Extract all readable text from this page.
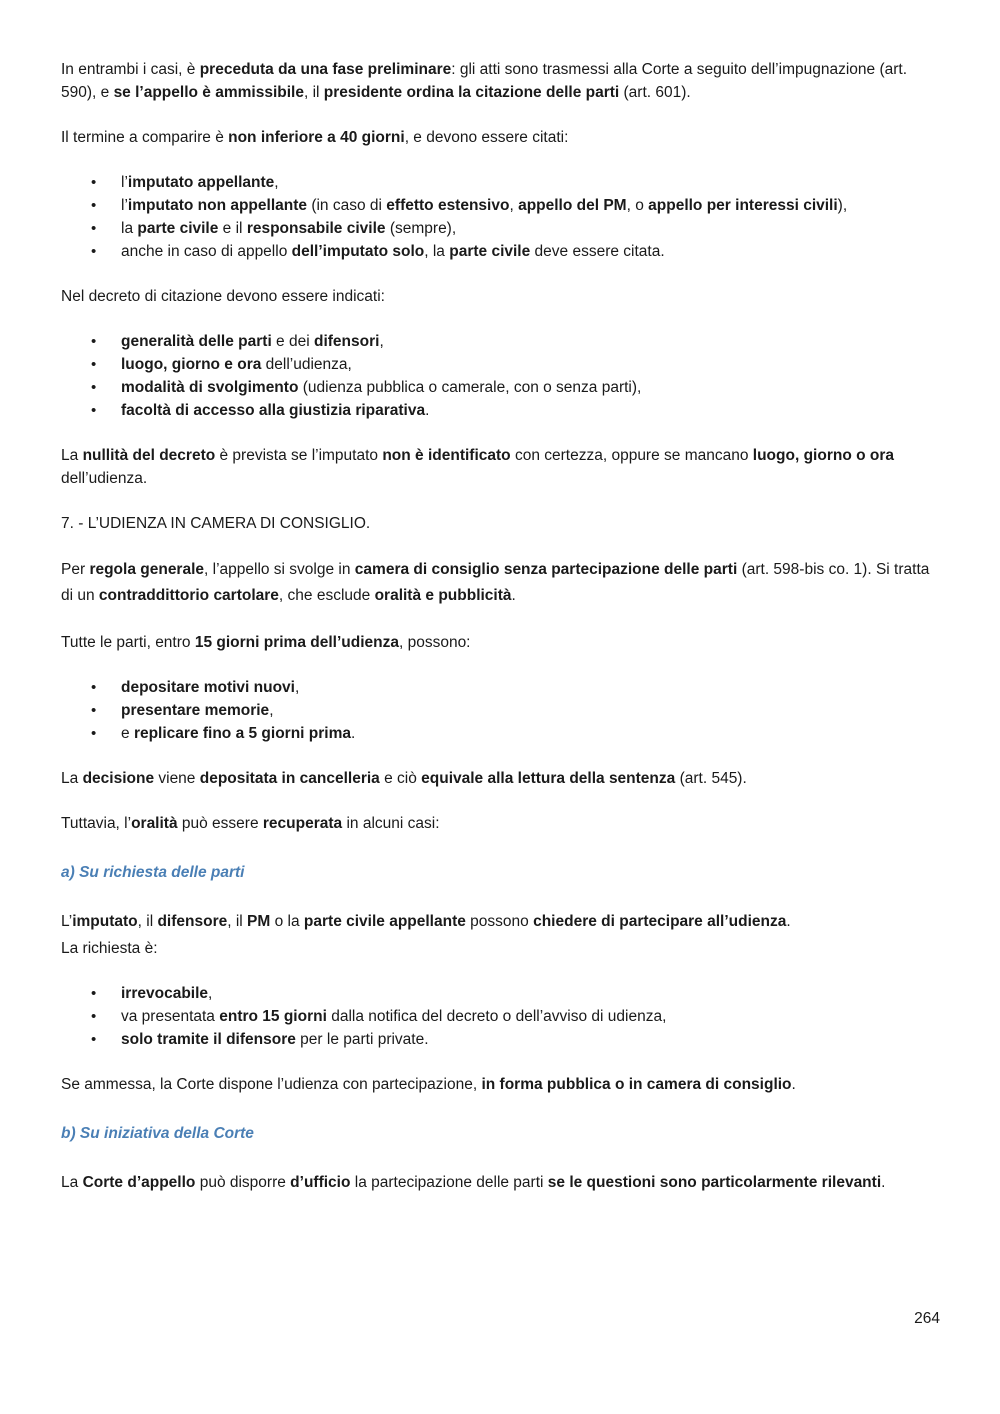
In entrambi i casi, è preceduta da una fase preliminare: gli atti sono trasmessi alla Corte a seguito dell’impugnazione (art. 590), e se l’appello è ammissibile, il presidente ordina la citazione delle parti (art. 601).

Il termine a comparire è non inferiore a 40 giorni, e devono essere citati:

• l’imputato appellante,
• l’imputato non appellante (in caso di effetto estensivo, appello del PM, o appello per interessi civili),
• la parte civile e il responsabile civile (sempre),
• anche in caso di appello dell’imputato solo, la parte civile deve essere citata.

Nel decreto di citazione devono essere indicati:

• generalità delle parti e dei difensori,
• luogo, giorno e ora dell’udienza,
• modalità di svolgimento (udienza pubblica o camerale, con o senza parti),
• facoltà di accesso alla giustizia riparativa.

La nullità del decreto è prevista se l’imputato non è identificato con certezza, oppure se mancano luogo, giorno o ora dell’udienza.

7. - L’UDIENZA IN CAMERA DI CONSIGLIO.

Per regola generale, l’appello si svolge in camera di consiglio senza partecipazione delle parti (art. 598-bis co. 1). Si tratta di un contraddittorio cartolare, che esclude oralità e pubblicità.

Tutte le parti, entro 15 giorni prima dell’udienza, possono:

• depositare motivi nuovi,
• presentare memorie,
• e replicare fino a 5 giorni prima.

La decisione viene depositata in cancelleria e ciò equivale alla lettura della sentenza (art. 545).

Tuttavia, l’oralità può essere recuperata in alcuni casi:

a) Su richiesta delle parti

L’imputato, il difensore, il PM o la parte civile appellante possono chiedere di partecipare all’udienza.

La richiesta è:

• irrevocabile,
• va presentata entro 15 giorni dalla notifica del decreto o dell’avviso di udienza,
• solo tramite il difensore per le parti private.

Se ammessa, la Corte dispone l’udienza con partecipazione, in forma pubblica o in camera di consiglio.

b) Su iniziativa della Corte

La Corte d’appello può disporre d’ufficio la partecipazione delle parti se le questioni sono particolarmente rilevanti.

264
